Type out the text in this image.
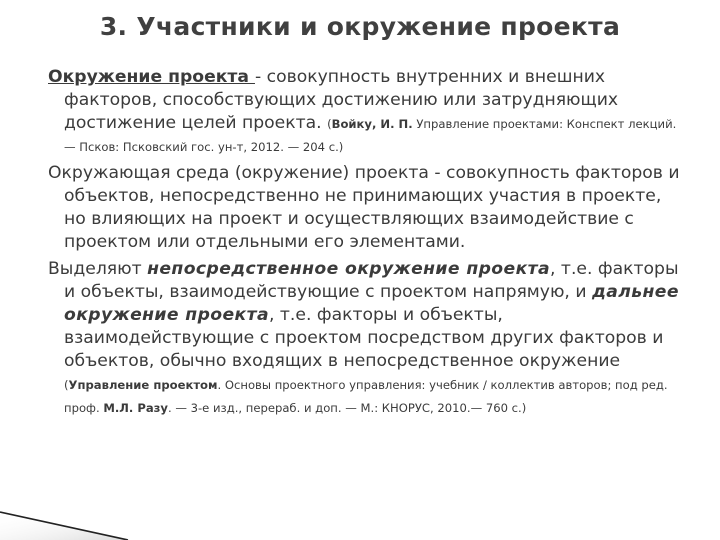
3. Участники и окружение проекта

Окружение проекта - совокупность внутренних и внешних факторов, способствующих достижению или затрудняющих достижение целей проекта. (Войку, И. П. Управление проектами: Конспект лекций. — Псков: Псковский гос. ун-т, 2012. — 204 с.)

Окружающая среда (окружение) проекта - совокупность факторов и объектов, непосредственно не принимающих участия в проекте, но влияющих на проект и осуществляющих взаимодействие с проектом или отдельными его элементами.

Выделяют непосредственное окружение проекта, т.е. факторы и объекты, взаимодействующие с проектом напрямую, и дальнее окружение проекта, т.е. факторы и объекты, взаимодействующие с проектом посредством других факторов и объектов, обычно входящих в непосредственное окружение (Управление проектом. Основы проектного управления: учебник / коллектив авторов; под ред. проф. М.Л. Разу. — 3-е изд., перераб. и доп. — М.: КНОРУС, 2010.— 760 с.)
